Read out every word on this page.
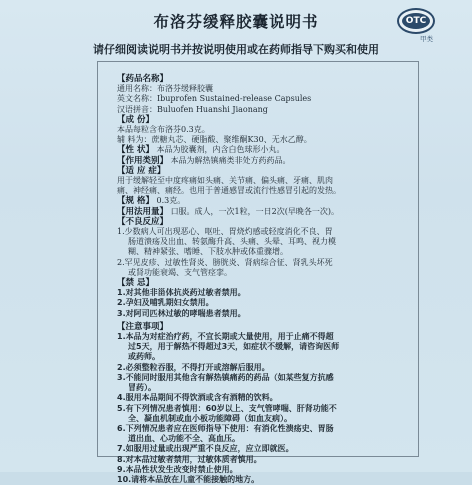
布洛芬缓释胶囊说明书	OTC
甲类
请仔细阅读说明书并按说明使用或在药师指导下购买和使用
【药品名称】
通用名称：布洛芬缓释胶囊
英文名称：Ibuprofen Sustained-release Capsules
汉语拼音：Buluofen Huanshi Jiaonang
【成 份】
本品每粒含布洛芬0.3克。
辅 料为：蔗糖丸芯、硬脂酸、聚维酮K30、无水乙醇。
【性 状】 本品为胶囊剂，内含白色球形小丸。
【作用类别】 本品为解热镇痛类非处方药药品。
【适 应 症】
用于缓解轻至中度疼痛如头痛、关节痛、偏头痛、牙痛、肌肉
痛、神经痛、痛经。也用于普通感冒或流行性感冒引起的发热。
【规 格】 0.3克。
【用法用量】 口服。成人，一次1粒，一日2次(早晚各一次)。
【不良反应】
1.少数病人可出现恶心、呕吐、胃烧灼感或轻度消化不良、胃
肠道溃疡及出血、转氨酶升高、头痛、头晕、耳鸣、视力模
糊、精神紧张、嗜睡、下肢水肿或体重骤增。
2.罕见皮疹、过敏性肾炎、膀胱炎、肾病综合征、肾乳头坏死
或肾功能衰竭、支气管痉挛。
【禁 忌】
1.对其他非甾体抗炎药过敏者禁用。
2.孕妇及哺乳期妇女禁用。
3.对阿司匹林过敏的哮喘患者禁用。
【注意事项】
1.本品为对症治疗药，不宜长期或大量使用，用于止痛不得超
过5天，用于解热不得超过3天，如症状不缓解，请咨询医师
或药师。
2.必须整粒吞服，不得打开或溶解后服用。
3.不能同时服用其他含有解热镇痛药的药品（如某些复方抗感
冒药）。
4.服用本品期间不得饮酒或含有酒精的饮料。
5.有下列情况患者慎用：60岁以上、支气管哮喘、肝肾功能不
全、凝血机制或血小板功能障碍（如血友病）。
6.下列情况患者应在医师指导下使用：有消化性溃疡史、胃肠
道出血、心功能不全、高血压。
7.如服用过量或出现严重不良反应，应立即就医。
8.对本品过敏者禁用，过敏体质者慎用。
9.本品性状发生改变时禁止使用。
10.请将本品放在儿童不能接触的地方。
